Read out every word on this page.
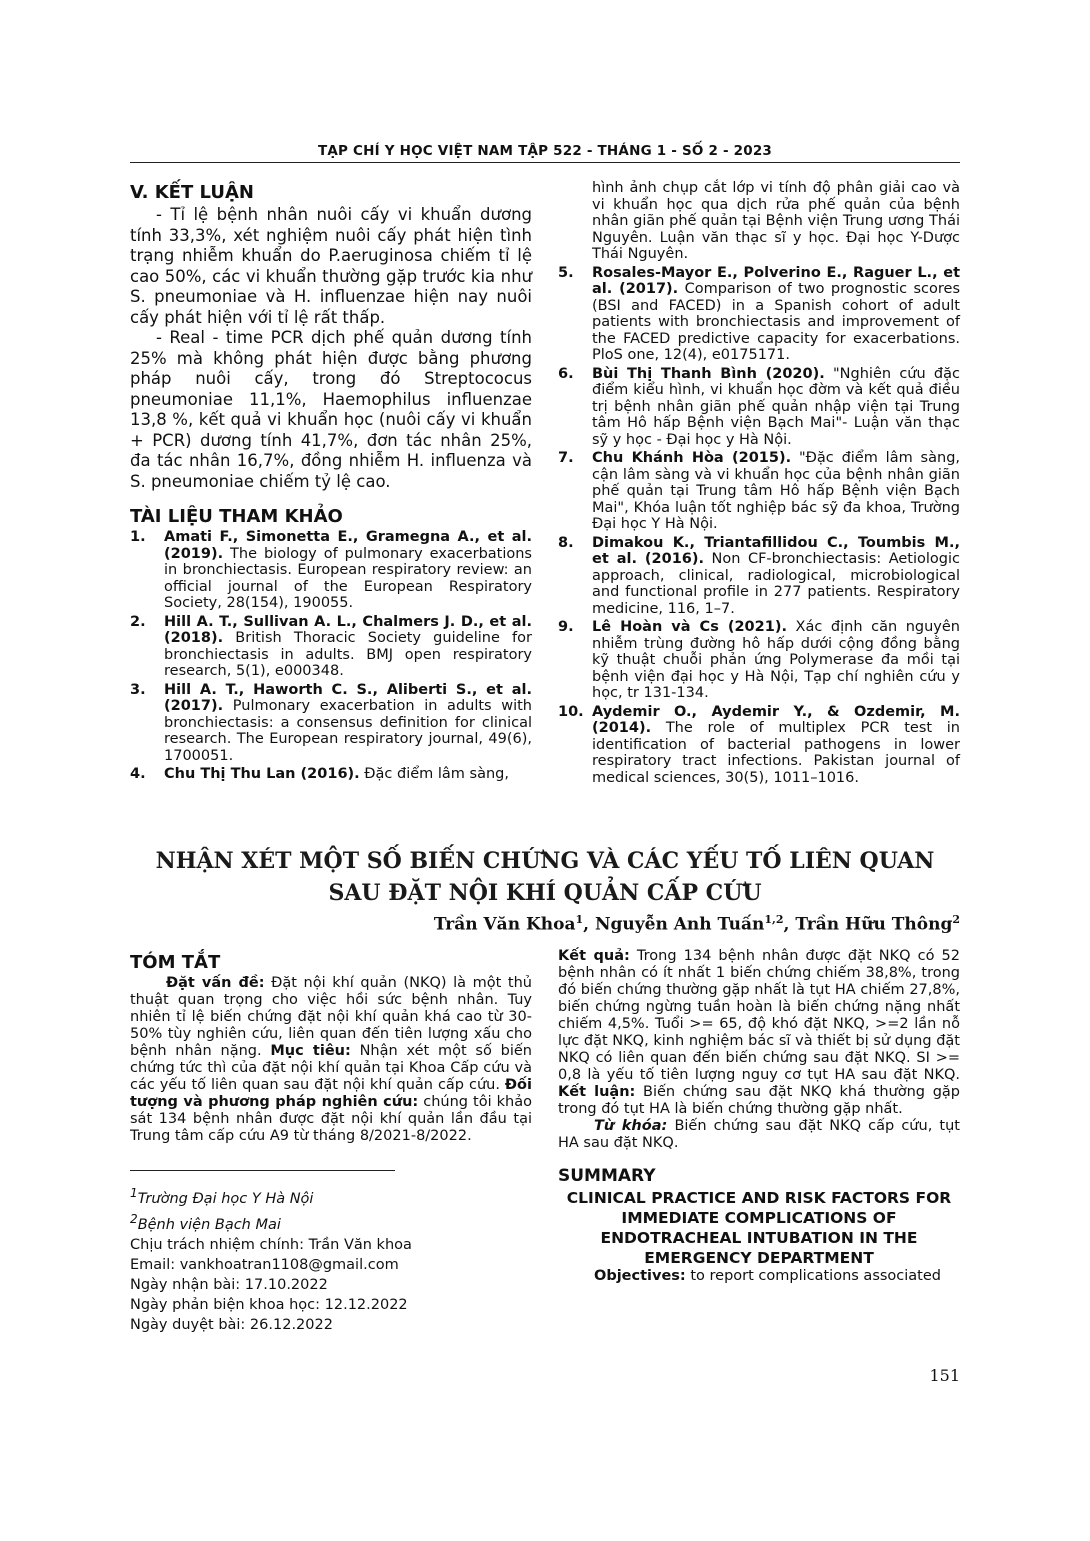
TẠP CHÍ Y HỌC VIỆT NAM TẬP 522 - THÁNG 1 - SỐ 2 - 2023
V. KẾT LUẬN

- Tỉ lệ bệnh nhân nuôi cấy vi khuẩn dương tính 33,3%, xét nghiệm nuôi cấy phát hiện tình trạng nhiễm khuẩn do P.aeruginosa chiếm tỉ lệ cao 50%, các vi khuẩn thường gặp trước kia như S. pneumoniae và H. influenzae hiện nay nuôi cấy phát hiện với tỉ lệ rất thấp.

- Real - time PCR dịch phế quản dương tính 25% mà không phát hiện được bằng phương pháp nuôi cấy, trong đó Streptococus pneumoniae 11,1%, Haemophilus influenzae 13,8 %, kết quả vi khuẩn học (nuôi cấy vi khuẩn + PCR) dương tính 41,7%, đơn tác nhân 25%, đa tác nhân 16,7%, đồng nhiễm H. influenza và S. pneumoniae chiếm tỷ lệ cao.

TÀI LIỆU THAM KHẢO
1.	Amati F., Simonetta E., Gramegna A., et al. (2019). The biology of pulmonary exacerbations in bronchiectasis. European respiratory review: an official journal of the European Respiratory Society, 28(154), 190055.
2.	Hill A. T., Sullivan A. L., Chalmers J. D., et al. (2018). British Thoracic Society guideline for bronchiectasis in adults. BMJ open respiratory research, 5(1), e000348.
3.	Hill A. T., Haworth C. S., Aliberti S., et al. (2017). Pulmonary exacerbation in adults with bronchiectasis: a consensus definition for clinical research. The European respiratory journal, 49(6), 1700051.
4.	Chu Thị Thu Lan (2016). Đặc điểm lâm sàng,
hình ảnh chụp cắt lớp vi tính độ phân giải cao và vi khuẩn học qua dịch rửa phế quản của bệnh nhân giãn phế quản tại Bệnh viện Trung ương Thái Nguyên. Luận văn thạc sĩ y học. Đại học Y-Dược Thái Nguyên.
5.	Rosales-Mayor E., Polverino E., Raguer L., et al. (2017). Comparison of two prognostic scores (BSI and FACED) in a Spanish cohort of adult patients with bronchiectasis and improvement of the FACED predictive capacity for exacerbations. PloS one, 12(4), e0175171.
6.	Bùi Thị Thanh Bình (2020). "Nghiên cứu đặc điểm kiểu hình, vi khuẩn học đờm và kết quả điều trị bệnh nhân giãn phế quản nhập viện tại Trung tâm Hô hấp Bệnh viện Bạch Mai"- Luận văn thạc sỹ y học - Đại học y Hà Nội.
7.	Chu Khánh Hòa (2015). "Đặc điểm lâm sàng, cận lâm sàng và vi khuẩn học của bệnh nhân giãn phế quản tại Trung tâm Hô hấp Bệnh viện Bạch Mai", Khóa luận tốt nghiệp bác sỹ đa khoa, Trường Đại học Y Hà Nội.
8.	Dimakou K., Triantafillidou C., Toumbis M., et al. (2016). Non CF-bronchiectasis: Aetiologic approach, clinical, radiological, microbiological and functional profile in 277 patients. Respiratory medicine, 116, 1–7.
9.	Lê Hoàn và Cs (2021). Xác định căn nguyên nhiễm trùng đường hô hấp dưới cộng đồng bằng kỹ thuật chuỗi phản ứng Polymerase đa mồi tại bệnh viện đại học y Hà Nội, Tạp chí nghiên cứu y học, tr 131-134.
10. Aydemir O., Aydemir Y., & Ozdemir, M. (2014). The role of multiplex PCR test in identification of bacterial pathogens in lower respiratory tract infections. Pakistan journal of medical sciences, 30(5), 1011–1016.
NHẬN XÉT MỘT SỐ BIẾN CHỨNG VÀ CÁC YẾU TỐ LIÊN QUAN
SAU ĐẶT NỘI KHÍ QUẢN CẤP CỨU
Trần Văn Khoa$^1$, Nguyễn Anh Tuấn$^{1,2}$, Trần Hữu Thông$^2$
TÓM TẮT

Đặt vấn đề: Đặt nội khí quản (NKQ) là một thủ thuật quan trọng cho việc hồi sức bệnh nhân. Tuy nhiên tỉ lệ biến chứng đặt nội khí quản khá cao từ 30-50% tùy nghiên cứu, liên quan đến tiên lượng xấu cho bệnh nhân nặng. Mục tiêu: Nhận xét một số biến chứng tức thì của đặt nội khí quản tại Khoa Cấp cứu và các yếu tố liên quan sau đặt nội khí quản cấp cứu. Đối tượng và phương pháp nghiên cứu: chúng tôi khảo sát 134 bệnh nhân được đặt nội khí quản lần đầu tại Trung tâm cấp cứu A9 từ tháng 8/2021-8/2022.

$^1$Trường Đại học Y Hà Nội
$^2$Bệnh viện Bạch Mai
Chịu trách nhiệm chính: Trần Văn khoa
Email: vankhoatran1108@gmail.com
Ngày nhận bài: 17.10.2022
Ngày phản biện khoa học: 12.12.2022
Ngày duyệt bài: 26.12.2022

Kết quả: Trong 134 bệnh nhân được đặt NKQ có 52 bệnh nhân có ít nhất 1 biến chứng chiếm 38,8%, trong đó biến chứng thường gặp nhất là tụt HA chiếm 27,8%, biến chứng ngừng tuần hoàn là biến chứng nặng nhất chiếm 4,5%. Tuổi >= 65, độ khó đặt NKQ, >=2 lần nỗ lực đặt NKQ, kinh nghiệm bác sĩ và thiết bị sử dụng đặt NKQ có liên quan đến biến chứng sau đặt NKQ. SI >= 0,8 là yếu tố tiên lượng nguy cơ tụt HA sau đặt NKQ. Kết luận: Biến chứng sau đặt NKQ khá thường gặp trong đó tụt HA là biến chứng thường gặp nhất.

Từ khóa: Biến chứng sau đặt NKQ cấp cứu, tụt HA sau đặt NKQ.

SUMMARY
CLINICAL PRACTICE AND RISK FACTORS FOR IMMEDIATE COMPLICATIONS OF ENDOTRACHEAL INTUBATION IN THE EMERGENCY DEPARTMENT

Objectives: to report complications associated

151
